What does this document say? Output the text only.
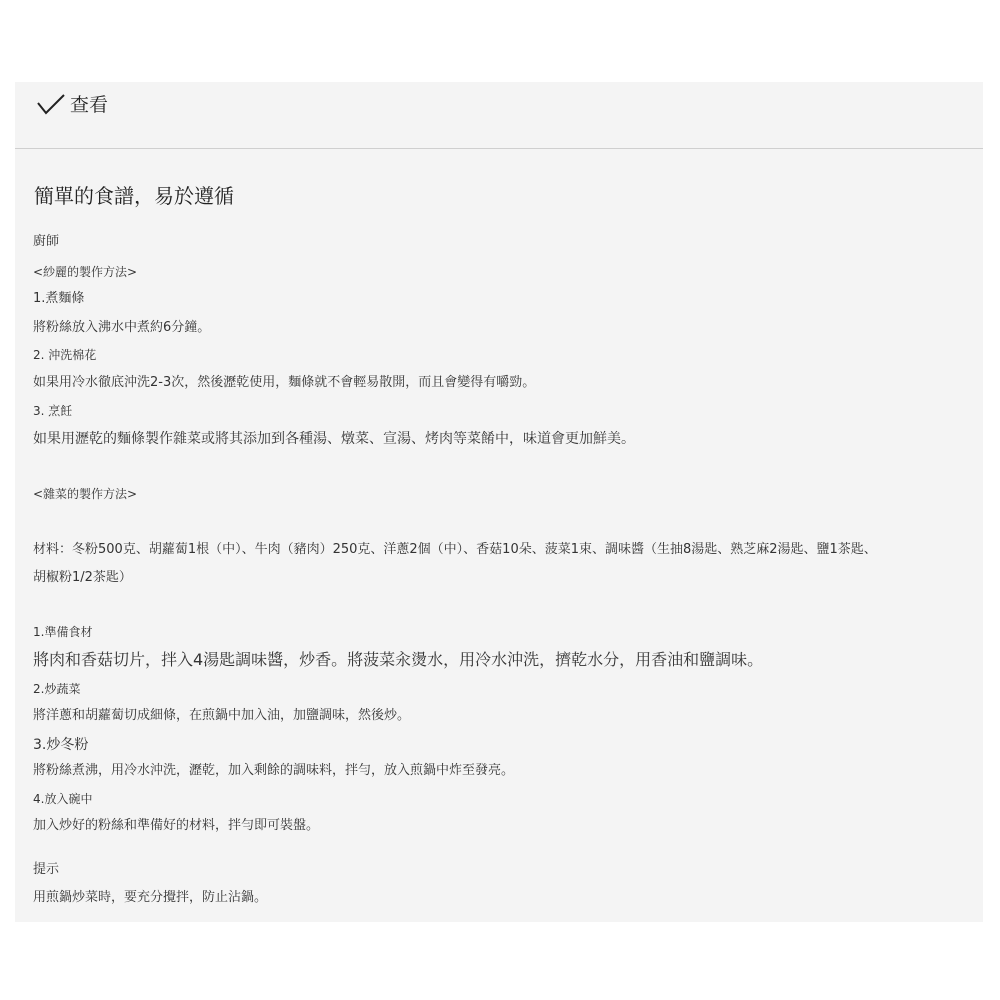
查看
簡單的食譜，易於遵循
廚師
<紗麗的製作方法>
1.煮麵條
將粉絲放入沸水中煮約6分鐘。
2. 沖洗棉花
如果用冷水徹底沖洗2-3次，然後瀝乾使用，麵條就不會輕易散開，而且會變得有嚼勁。
3. 烹飪
如果用瀝乾的麵條製作雜菜或將其添加到各種湯、燉菜、宣湯、烤肉等菜餚中，味道會更加鮮美。
<雜菜的製作方法>
材料：冬粉500克、胡蘿蔔1根（中）、牛肉（豬肉）250克、洋蔥2個（中）、香菇10朵、菠菜1束、調味醬（生抽8湯匙、熟芝麻2湯匙、鹽1茶匙、
胡椒粉1/2茶匙）
1.準備食材
將肉和香菇切片，拌入4湯匙調味醬，炒香。將菠菜汆燙水，用冷水沖洗，擠乾水分，用香油和鹽調味。
2.炒蔬菜
將洋蔥和胡蘿蔔切成細條，在煎鍋中加入油，加鹽調味，然後炒。
3.炒冬粉
將粉絲煮沸，用冷水沖洗，瀝乾，加入剩餘的調味料，拌勻，放入煎鍋中炸至發亮。
4.放入碗中
加入炒好的粉絲和準備好的材料，拌勻即可裝盤。
提示
用煎鍋炒菜時，要充分攪拌，防止沾鍋。
